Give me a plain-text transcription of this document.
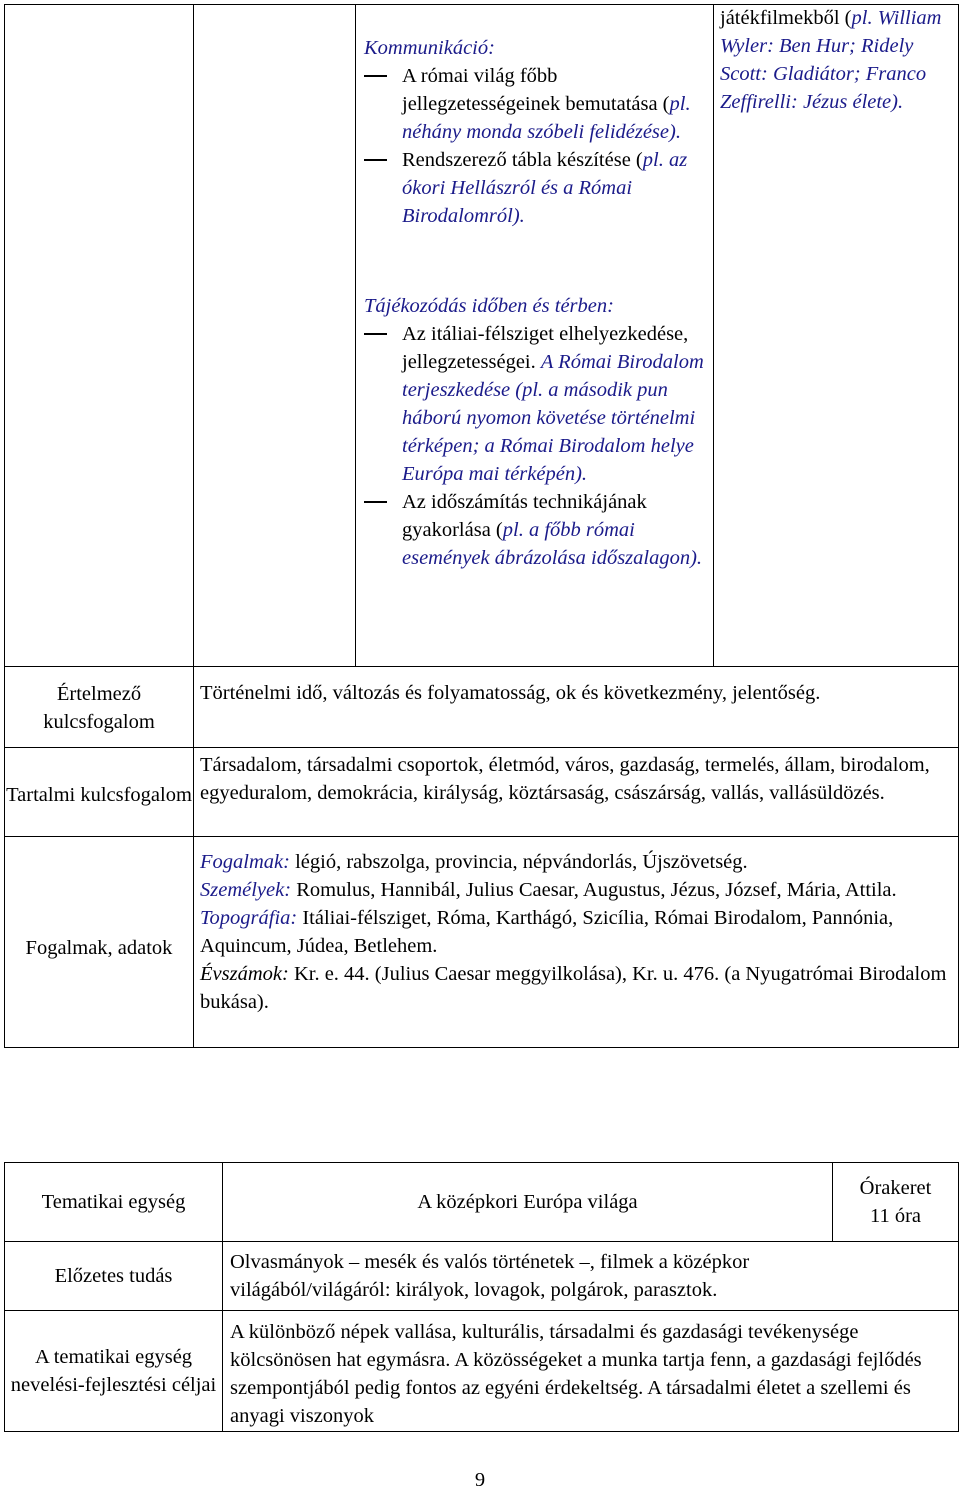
Kommunikáció:

A római világ főbb jellegzetességeinek bemutatása (pl. néhány monda szóbeli felidézése).
Rendszerező tábla készítése (pl. az ókori Hellászról és a Római Birodalomról).

Tájékozódás időben és térben:

Az itáliai-félsziget elhelyezkedése, jellegzetességei. A Római Birodalom terjeszkedése (pl. a második pun háború nyomon követése történelmi térképen; a Római Birodalom helye Európa mai térképén).
Az időszámítás technikájának gyakorlása (pl. a főbb római események ábrázolása időszalagon).

játékfilmekből (pl. William Wyler: Ben Hur; Ridely Scott: Gladiátor; Franco Zeffirelli: Jézus élete).

Értelmező kulcsfogalom

Történelmi idő, változás és folyamatosság, ok és következmény, jelentőség.

Tartalmi kulcsfogalom

Társadalom, társadalmi csoportok, életmód, város, gazdaság, termelés, állam, birodalom, egyeduralom, demokrácia, királyság, köztársaság, császárság, vallás, vallásüldözés.

Fogalmak, adatok

Fogalmak: légió, rabszolga, provincia, népvándorlás, Újszövetség.

Személyek: Romulus, Hannibál, Julius Caesar, Augustus, Jézus, József, Mária, Attila.

Topográfia: Itáliai-félsziget, Róma, Karthágó, Szicília, Római Birodalom, Pannónia, Aquincum, Júdea, Betlehem.

Évszámok: Kr. e. 44. (Julius Caesar meggyilkolása), Kr. u. 476. (a Nyugatrómai Birodalom bukása).

Tematikai egység	A középkori Európa világa
Órakeret
11 óra
Előzetes tudás

Olvasmányok – mesék és valós történetek –, filmek a középkor világából/világáról: királyok, lovagok, polgárok, parasztok.

A tematikai egység nevelési-fejlesztési céljai

A különböző népek vallása, kulturális, társadalmi és gazdasági tevékenysége kölcsönösen hat egymásra. A közösségeket a munka tartja fenn, a gazdasági fejlődés szempontjából pedig fontos az egyéni érdekeltség. A társadalmi életet a szellemi és anyagi viszonyok

9
